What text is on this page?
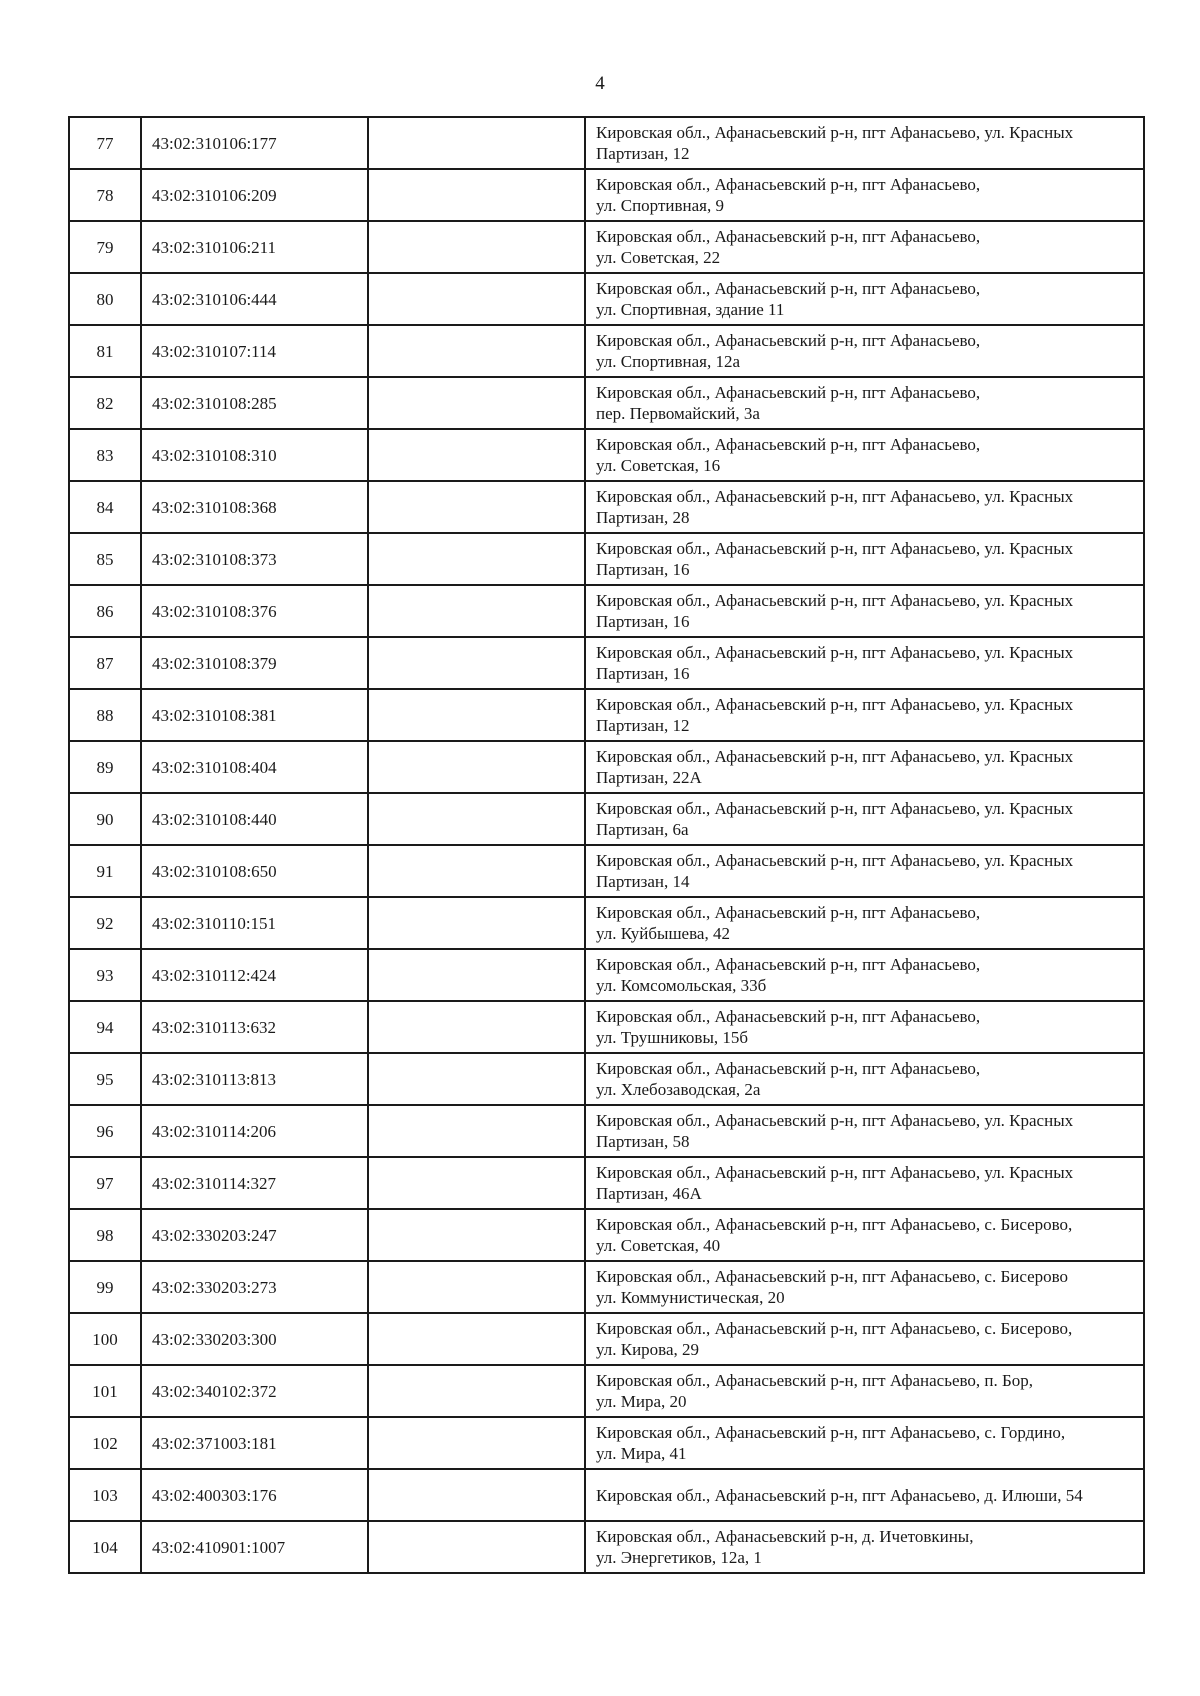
4
77	43:02:310106:177		Кировская обл., Афанасьевский р-н, пгт Афанасьево, ул. Красных
Партизан, 12

78	43:02:310106:209		Кировская обл., Афанасьевский р-н, пгт Афанасьево,
ул. Спортивная, 9

79	43:02:310106:211		Кировская обл., Афанасьевский р-н, пгт Афанасьево,
ул. Советская, 22

80	43:02:310106:444		Кировская обл., Афанасьевский р-н, пгт Афанасьево,
ул. Спортивная, здание 11

81	43:02:310107:114		Кировская обл., Афанасьевский р-н, пгт Афанасьево,
ул. Спортивная, 12а

82	43:02:310108:285		Кировская обл., Афанасьевский р-н, пгт Афанасьево,
пер. Первомайский, 3а

83	43:02:310108:310		Кировская обл., Афанасьевский р-н, пгт Афанасьево,
ул. Советская, 16

84	43:02:310108:368		Кировская обл., Афанасьевский р-н, пгт Афанасьево, ул. Красных
Партизан, 28

85	43:02:310108:373		Кировская обл., Афанасьевский р-н, пгт Афанасьево, ул. Красных
Партизан, 16

86	43:02:310108:376		Кировская обл., Афанасьевский р-н, пгт Афанасьево, ул. Красных
Партизан, 16

87	43:02:310108:379		Кировская обл., Афанасьевский р-н, пгт Афанасьево, ул. Красных
Партизан, 16

88	43:02:310108:381		Кировская обл., Афанасьевский р-н, пгт Афанасьево, ул. Красных
Партизан, 12

89	43:02:310108:404		Кировская обл., Афанасьевский р-н, пгт Афанасьево, ул. Красных
Партизан, 22А

90	43:02:310108:440		Кировская обл., Афанасьевский р-н, пгт Афанасьево, ул. Красных
Партизан, 6а

91	43:02:310108:650		Кировская обл., Афанасьевский р-н, пгт Афанасьево, ул. Красных
Партизан, 14

92	43:02:310110:151		Кировская обл., Афанасьевский р-н, пгт Афанасьево,
ул. Куйбышева, 42

93	43:02:310112:424		Кировская обл., Афанасьевский р-н, пгт Афанасьево,
ул. Комсомольская, 33б

94	43:02:310113:632		Кировская обл., Афанасьевский р-н, пгт Афанасьево,
ул. Трушниковы, 15б

95	43:02:310113:813		Кировская обл., Афанасьевский р-н, пгт Афанасьево,
ул. Хлебозаводская, 2а

96	43:02:310114:206		Кировская обл., Афанасьевский р-н, пгт Афанасьево, ул. Красных
Партизан, 58

97	43:02:310114:327		Кировская обл., Афанасьевский р-н, пгт Афанасьево, ул. Красных
Партизан, 46А

98	43:02:330203:247		Кировская обл., Афанасьевский р-н, пгт Афанасьево, с. Бисерово,
ул. Советская, 40

99	43:02:330203:273		Кировская обл., Афанасьевский р-н, пгт Афанасьево, с. Бисерово
ул. Коммунистическая, 20

100	43:02:330203:300		Кировская обл., Афанасьевский р-н, пгт Афанасьево, с. Бисерово,
ул. Кирова, 29

101	43:02:340102:372		Кировская обл., Афанасьевский р-н, пгт Афанасьево, п. Бор,
ул. Мира, 20

102	43:02:371003:181		Кировская обл., Афанасьевский р-н, пгт Афанасьево, с. Гордино,
ул. Мира, 41

103	43:02:400303:176		Кировская обл., Афанасьевский р-н, пгт Афанасьево, д. Илюши, 54

104	43:02:410901:1007		Кировская обл., Афанасьевский р-н, д. Ичетовкины,
ул. Энергетиков, 12а, 1
